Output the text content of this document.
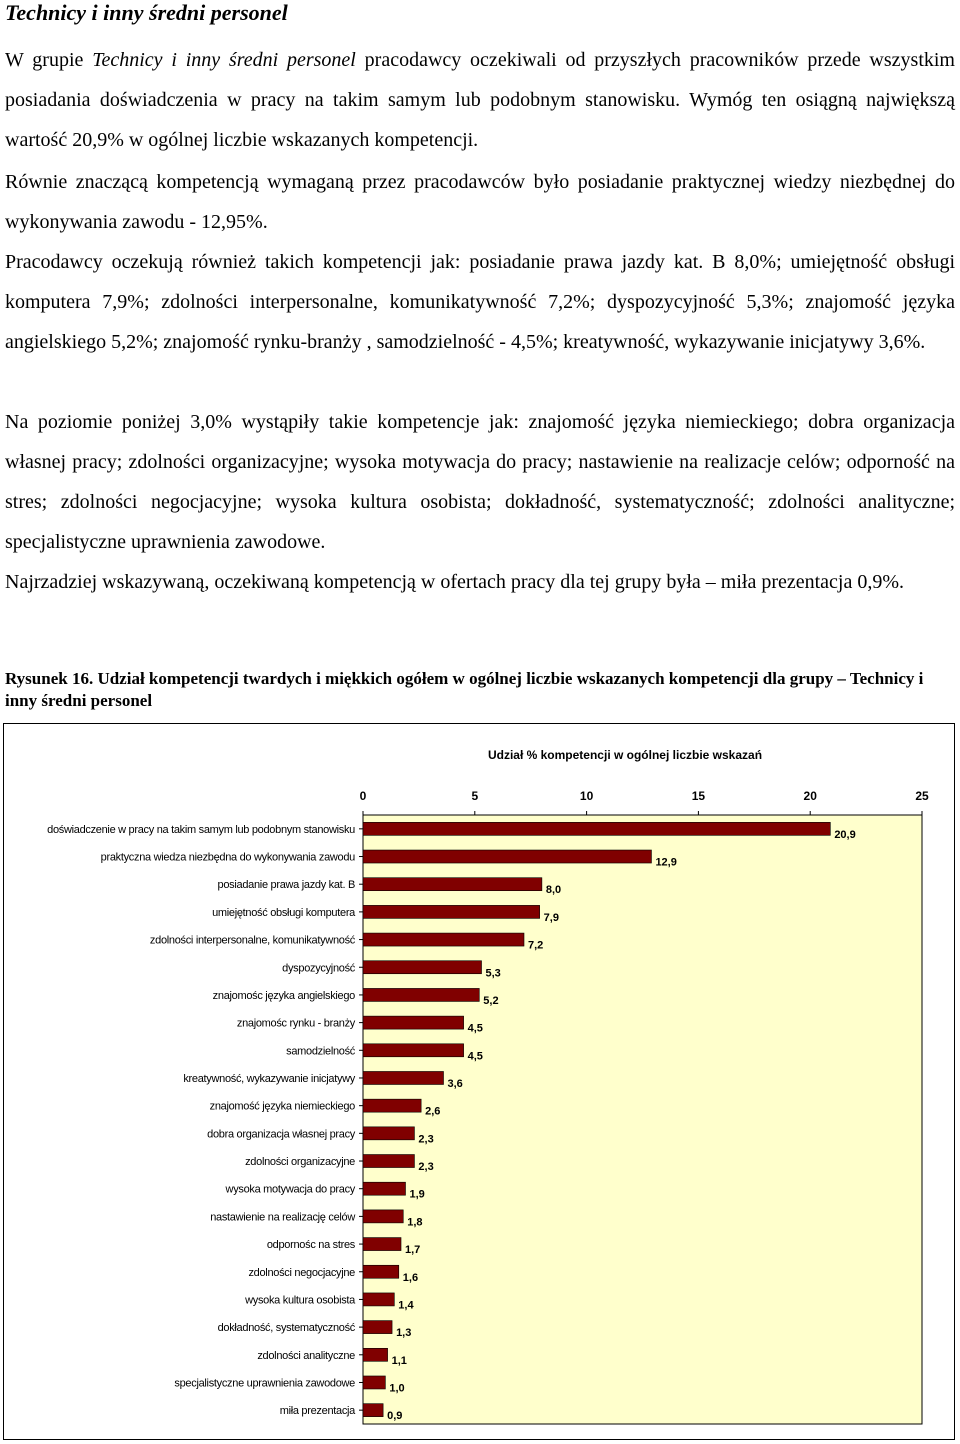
Technicy i inny średni personel

W grupie Technicy i inny średni personel pracodawcy oczekiwali od przyszłych pracowników przede wszystkim posiadania doświadczenia w pracy na takim samym lub podobnym stanowisku. Wymóg ten osiągną największą wartość 20,9% w ogólnej liczbie wskazanych kompetencji.

Równie znaczącą kompetencją wymaganą przez pracodawców było posiadanie praktycznej wiedzy niezbędnej do wykonywania zawodu - 12,95%.

Pracodawcy oczekują również takich kompetencji jak: posiadanie prawa jazdy kat. B 8,0%; umiejętność obsługi komputera 7,9%; zdolności interpersonalne, komunikatywność 7,2%; dyspozycyjność 5,3%; znajomość języka angielskiego 5,2%; znajomość rynku-branży , samodzielność - 4,5%; kreatywność, wykazywanie inicjatywy 3,6%.

Na poziomie poniżej 3,0% wystąpiły takie kompetencje jak: znajomość języka niemieckiego; dobra organizacja własnej pracy; zdolności organizacyjne; wysoka motywacja do pracy; nastawienie na realizacje celów; odporność na stres; zdolności negocjacyjne; wysoka kultura osobista; dokładność, systematyczność; zdolności analityczne; specjalistyczne uprawnienia zawodowe.

Najrzadziej wskazywaną, oczekiwaną kompetencją w ofertach pracy dla tej grupy była – miła prezentacja 0,9%.

Rysunek 16. Udział kompetencji twardych i miękkich ogółem w ogólnej liczbie wskazanych kompetencji dla grupy – Technicy i inny średni personel

Udział % kompetencji w ogólnej liczbie wskazań
0	5	10	15	20	25
doświadczenie w pracy na takim samym lub podobnym stanowisku
praktyczna wiedza niezbędna do wykonywania zawodu
posiadanie prawa jazdy kat. B
umiejętność obsługi komputera
zdolności interpersonalne, komunikatywność
dyspozycyjność
znajomośc języka angielskiego
znajomośc rynku - branży
samodzielność
kreatywność, wykazywanie inicjatywy
znajomość języka niemieckiego
dobra organizacja własnej pracy
zdolności organizacyjne
wysoka motywacja do pracy
nastawienie na realizację celów
odpornośc na stres
zdolności negocjacyjne
wysoka kultura osobista
dokładność, systematyczność
zdolności analityczne
specjalistyczne uprawnienia zawodowe
miła prezentacja
20,9
12,9
8,0
7,9
7,2
5,3
5,2
4,5
4,5
3,6
2,6
2,3
2,3
1,9
1,8
1,7
1,6
1,4
1,3
1,1
1,0
0,9
